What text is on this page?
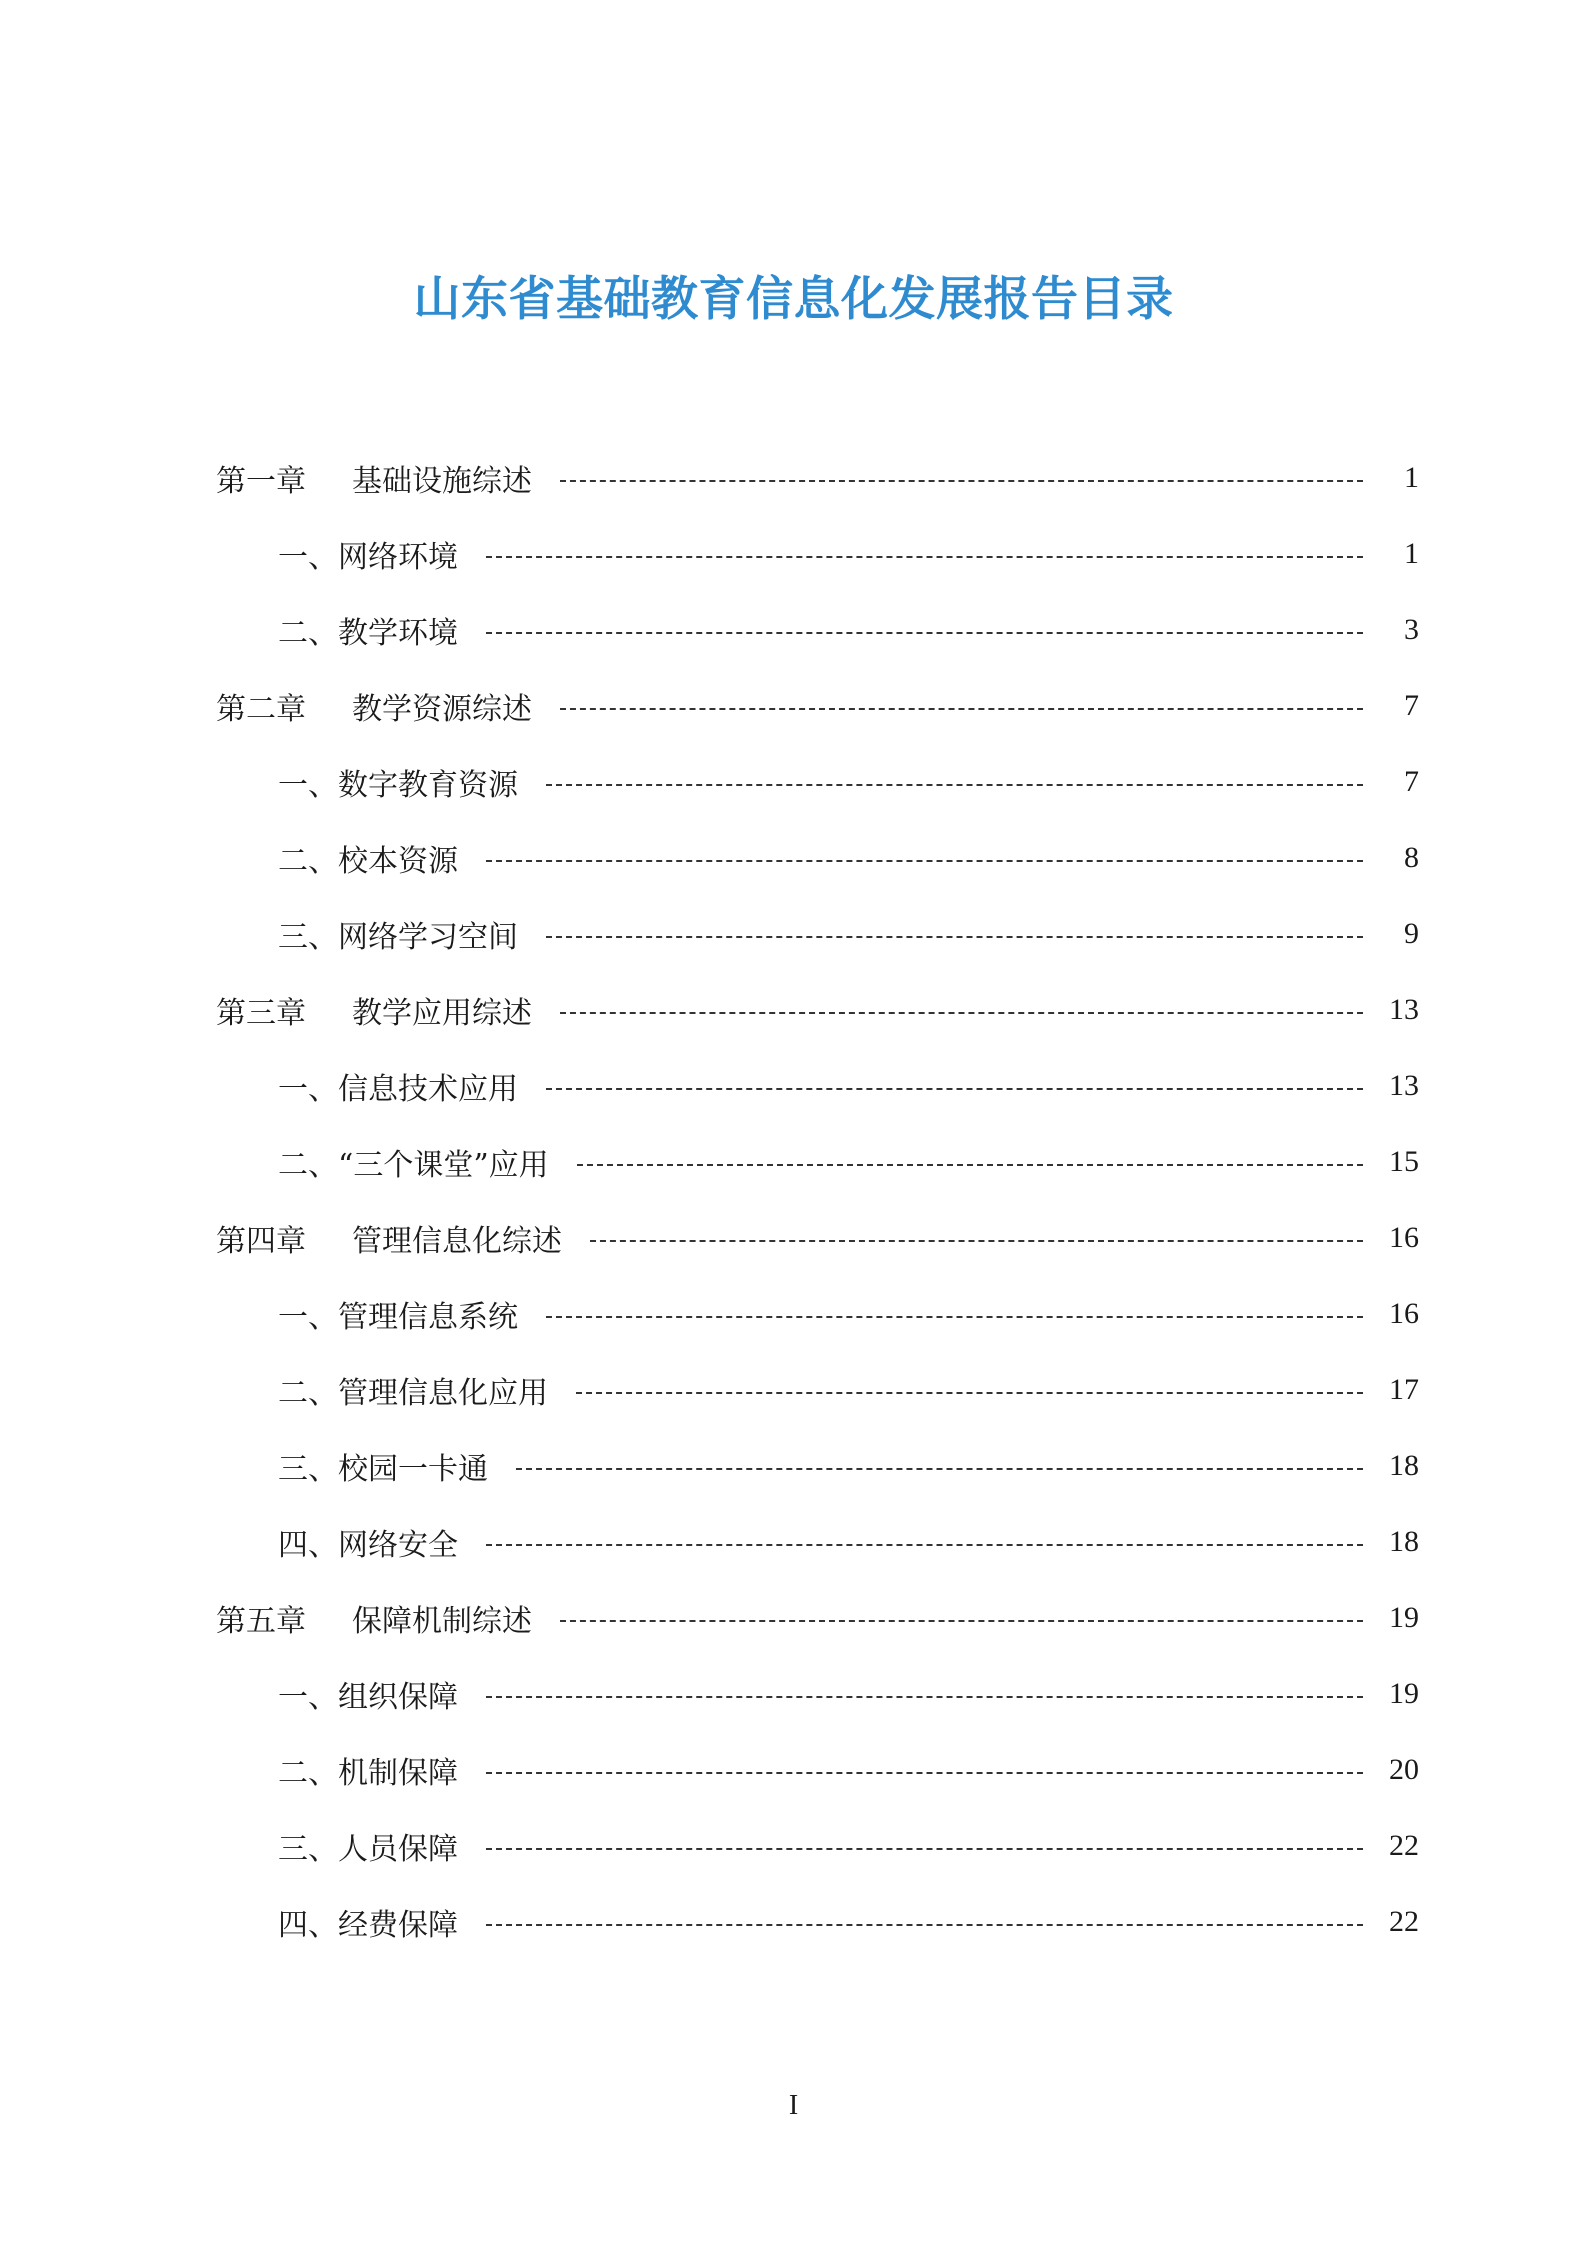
山东省基础教育信息化发展报告目录
第一章 基础设施综述	1
一、网络环境	1
二、教学环境	3
第二章 教学资源综述	7
一、数字教育资源	7
二、校本资源	8
三、网络学习空间	9
第三章 教学应用综述	13
一、信息技术应用	13
二、“三个课堂”应用	15
第四章 管理信息化综述	16
一、管理信息系统	16
二、管理信息化应用	17
三、校园一卡通	18
四、网络安全	18
第五章 保障机制综述	19
一、组织保障	19
二、机制保障	20
三、人员保障	22
四、经费保障	22
I
